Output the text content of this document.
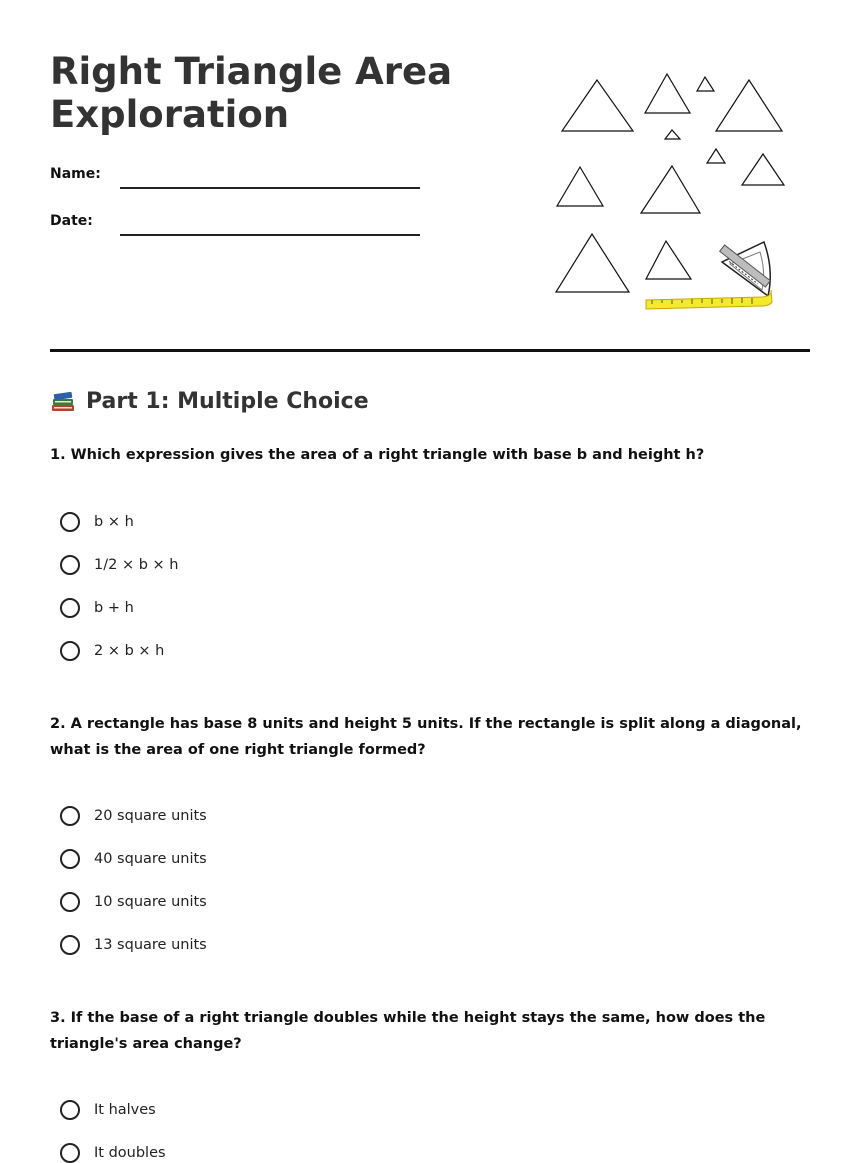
Right Triangle Area Exploration
Name:
Date:
Part 1: Multiple Choice
1. Which expression gives the area of a right triangle with base b and height h?
b × h
1/2 × b × h
b + h
2 × b × h
2. A rectangle has base 8 units and height 5 units. If the rectangle is split along a diagonal, what is the area of one right triangle formed?
20 square units
40 square units
10 square units
13 square units
3. If the base of a right triangle doubles while the height stays the same, how does the triangle's area change?
It halves
It doubles
